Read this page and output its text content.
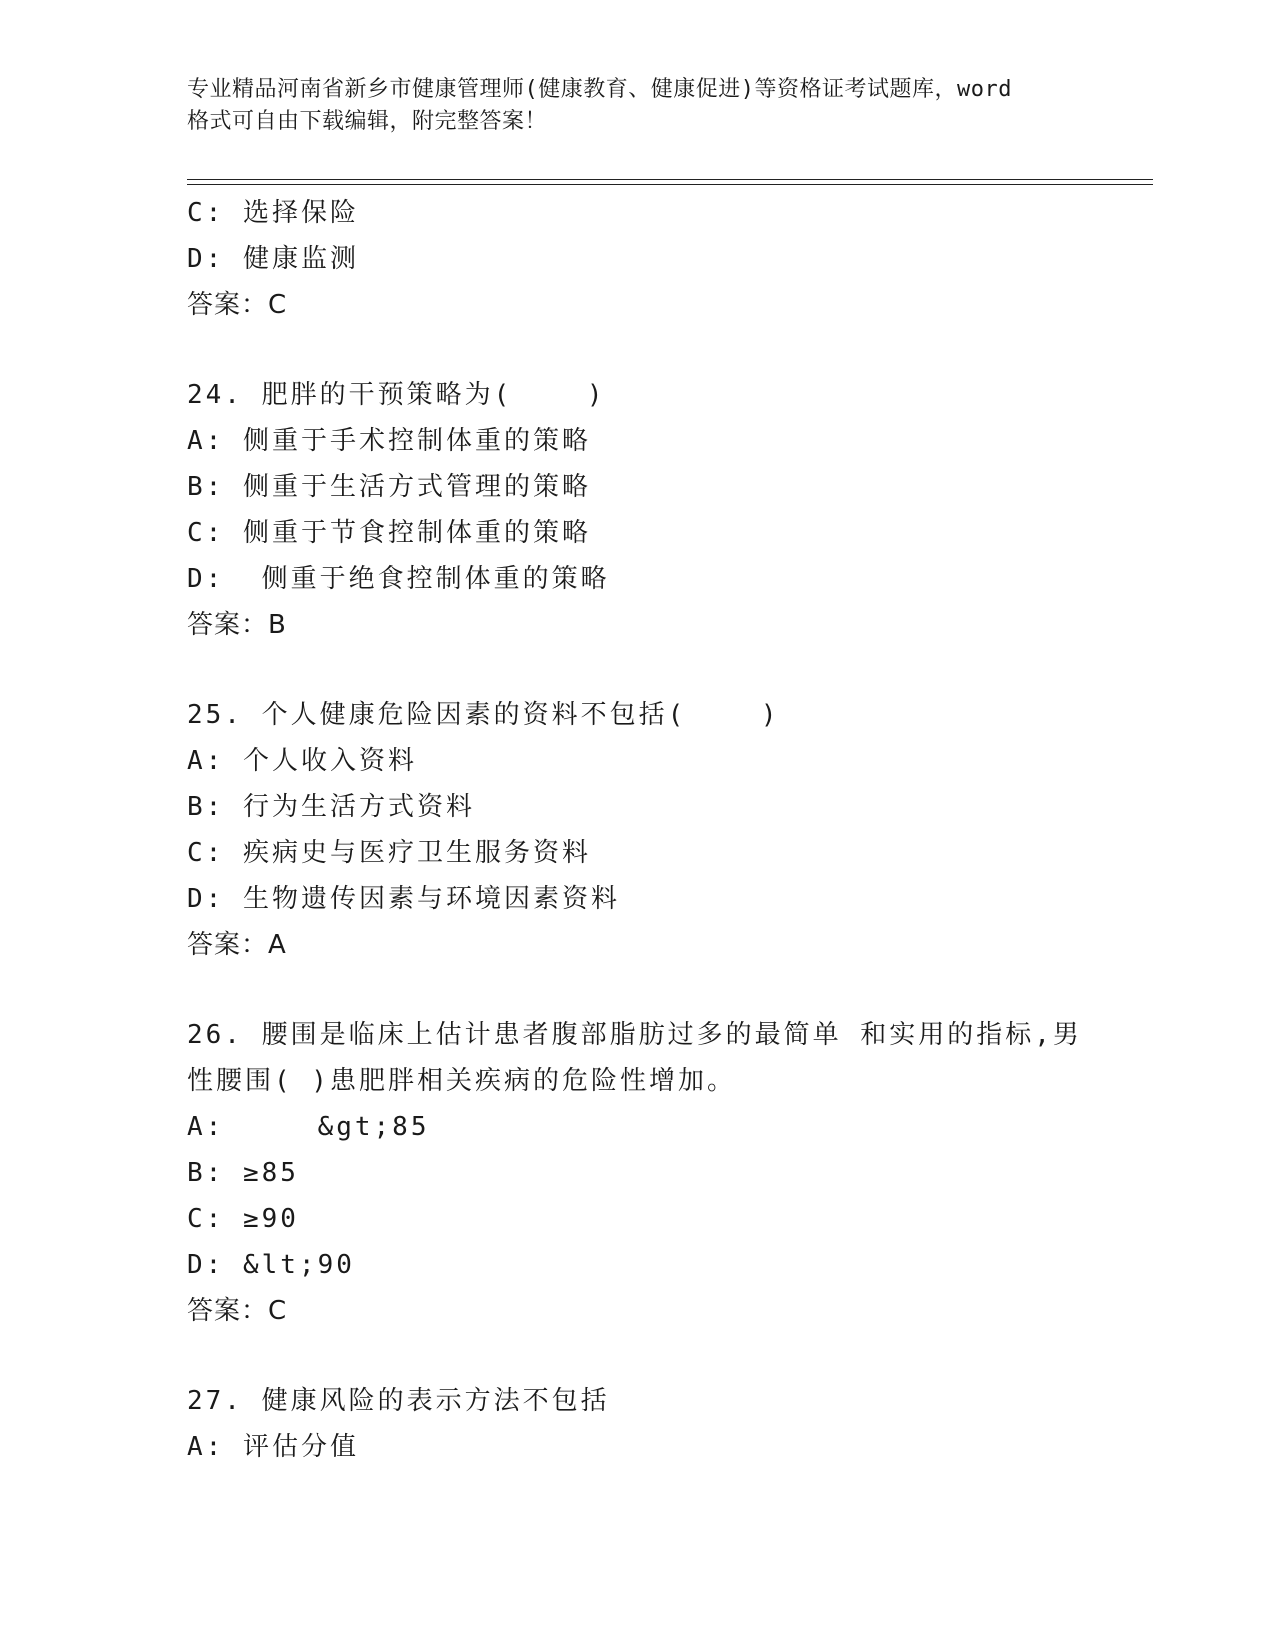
专业精品河南省新乡市健康管理师(健康教育、健康促进)等资格证考试题库，word
格式可自由下载编辑，附完整答案！
C: 选择保险
D: 健康监测
答案：C
24. 肥胖的干预策略为(    )
A: 侧重于手术控制体重的策略
B: 侧重于生活方式管理的策略
C: 侧重于节食控制体重的策略
D:  侧重于绝食控制体重的策略
答案：B
25. 个人健康危险因素的资料不包括(    )
A: 个人收入资料
B: 行为生活方式资料
C: 疾病史与医疗卫生服务资料
D: 生物遗传因素与环境因素资料
答案：A
26. 腰围是临床上估计患者腹部脂肪过多的最简单 和实用的指标,男
性腰围( )患肥胖相关疾病的危险性增加。
A:     &gt;85
B: ≥85
C: ≥90
D: &lt;90
答案：C
27. 健康风险的表示方法不包括
A: 评估分值
